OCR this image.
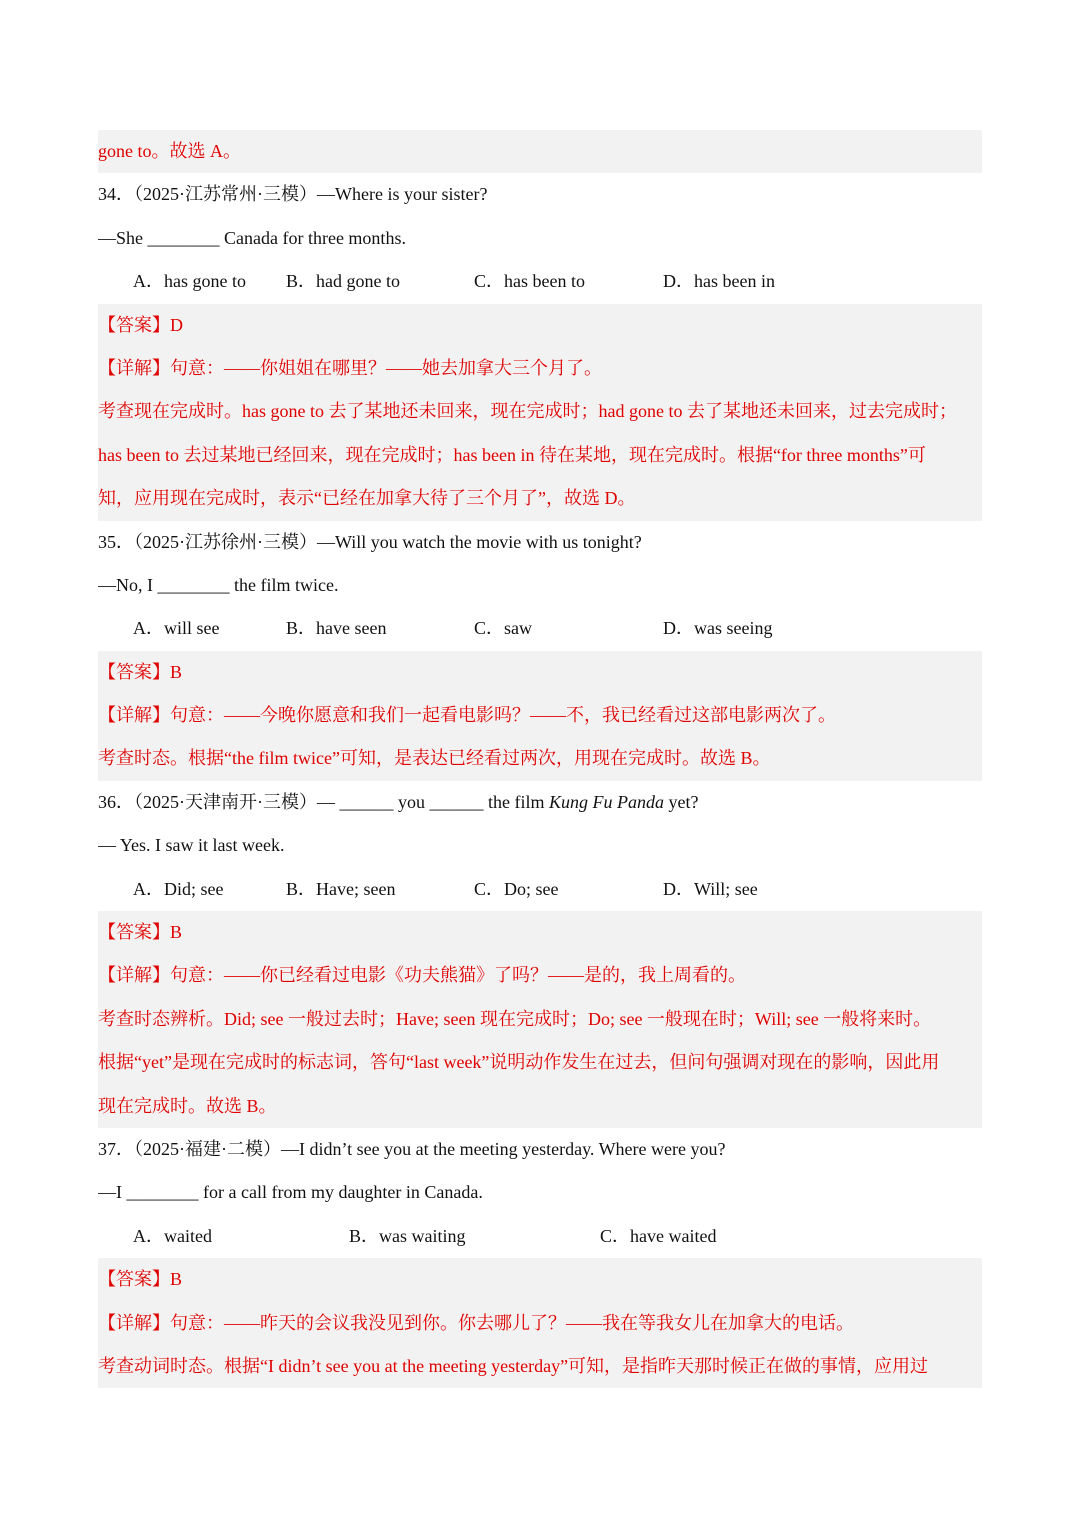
gone to。故选 A。
34．（2025·江苏常州·三模）—Where is your sister?
—She ________ Canada for three months.
A．has gone to B．had gone to	C．has been to	D．has been in
【答案】D
【详解】句意：——你姐姐在哪里？——她去加拿大三个月了。
考查现在完成时。has gone to 去了某地还未回来，现在完成时；had gone to 去了某地还未回来，过去完成时；
has been to 去过某地已经回来，现在完成时；has been in 待在某地，现在完成时。根据“for three months”可
知，应用现在完成时，表示“已经在加拿大待了三个月了”，故选 D。
35．（2025·江苏徐州·三模）—Will you watch the movie with us tonight?
—No, I ________ the film twice.
A．will see	B．have seen	C．saw	D．was seeing
【答案】B
【详解】句意：——今晚你愿意和我们一起看电影吗？——不，我已经看过这部电影两次了。
考查时态。根据“the film twice”可知，是表达已经看过两次，用现在完成时。故选 B。
36．（2025·天津南开·三模）— ______ you ______ the film Kung Fu Panda yet?
— Yes. I saw it last week.
A．Did; see	B．Have; seen	C．Do; see	D．Will; see
【答案】B
【详解】句意：——你已经看过电影《功夫熊猫》了吗？——是的，我上周看的。
考查时态辨析。Did; see 一般过去时；Have; seen 现在完成时；Do; see 一般现在时；Will; see 一般将来时。
根据“yet”是现在完成时的标志词，答句“last week”说明动作发生在过去，但问句强调对现在的影响，因此用
现在完成时。故选 B。
37．（2025·福建·二模）—I didn’t see you at the meeting yesterday. Where were you?
—I ________ for a call from my daughter in Canada.
A．waited	B．was waiting	C．have waited
【答案】B
【详解】句意：——昨天的会议我没见到你。你去哪儿了？——我在等我女儿在加拿大的电话。
考查动词时态。根据“I didn’t see you at the meeting yesterday”可知，是指昨天那时候正在做的事情，应用过
